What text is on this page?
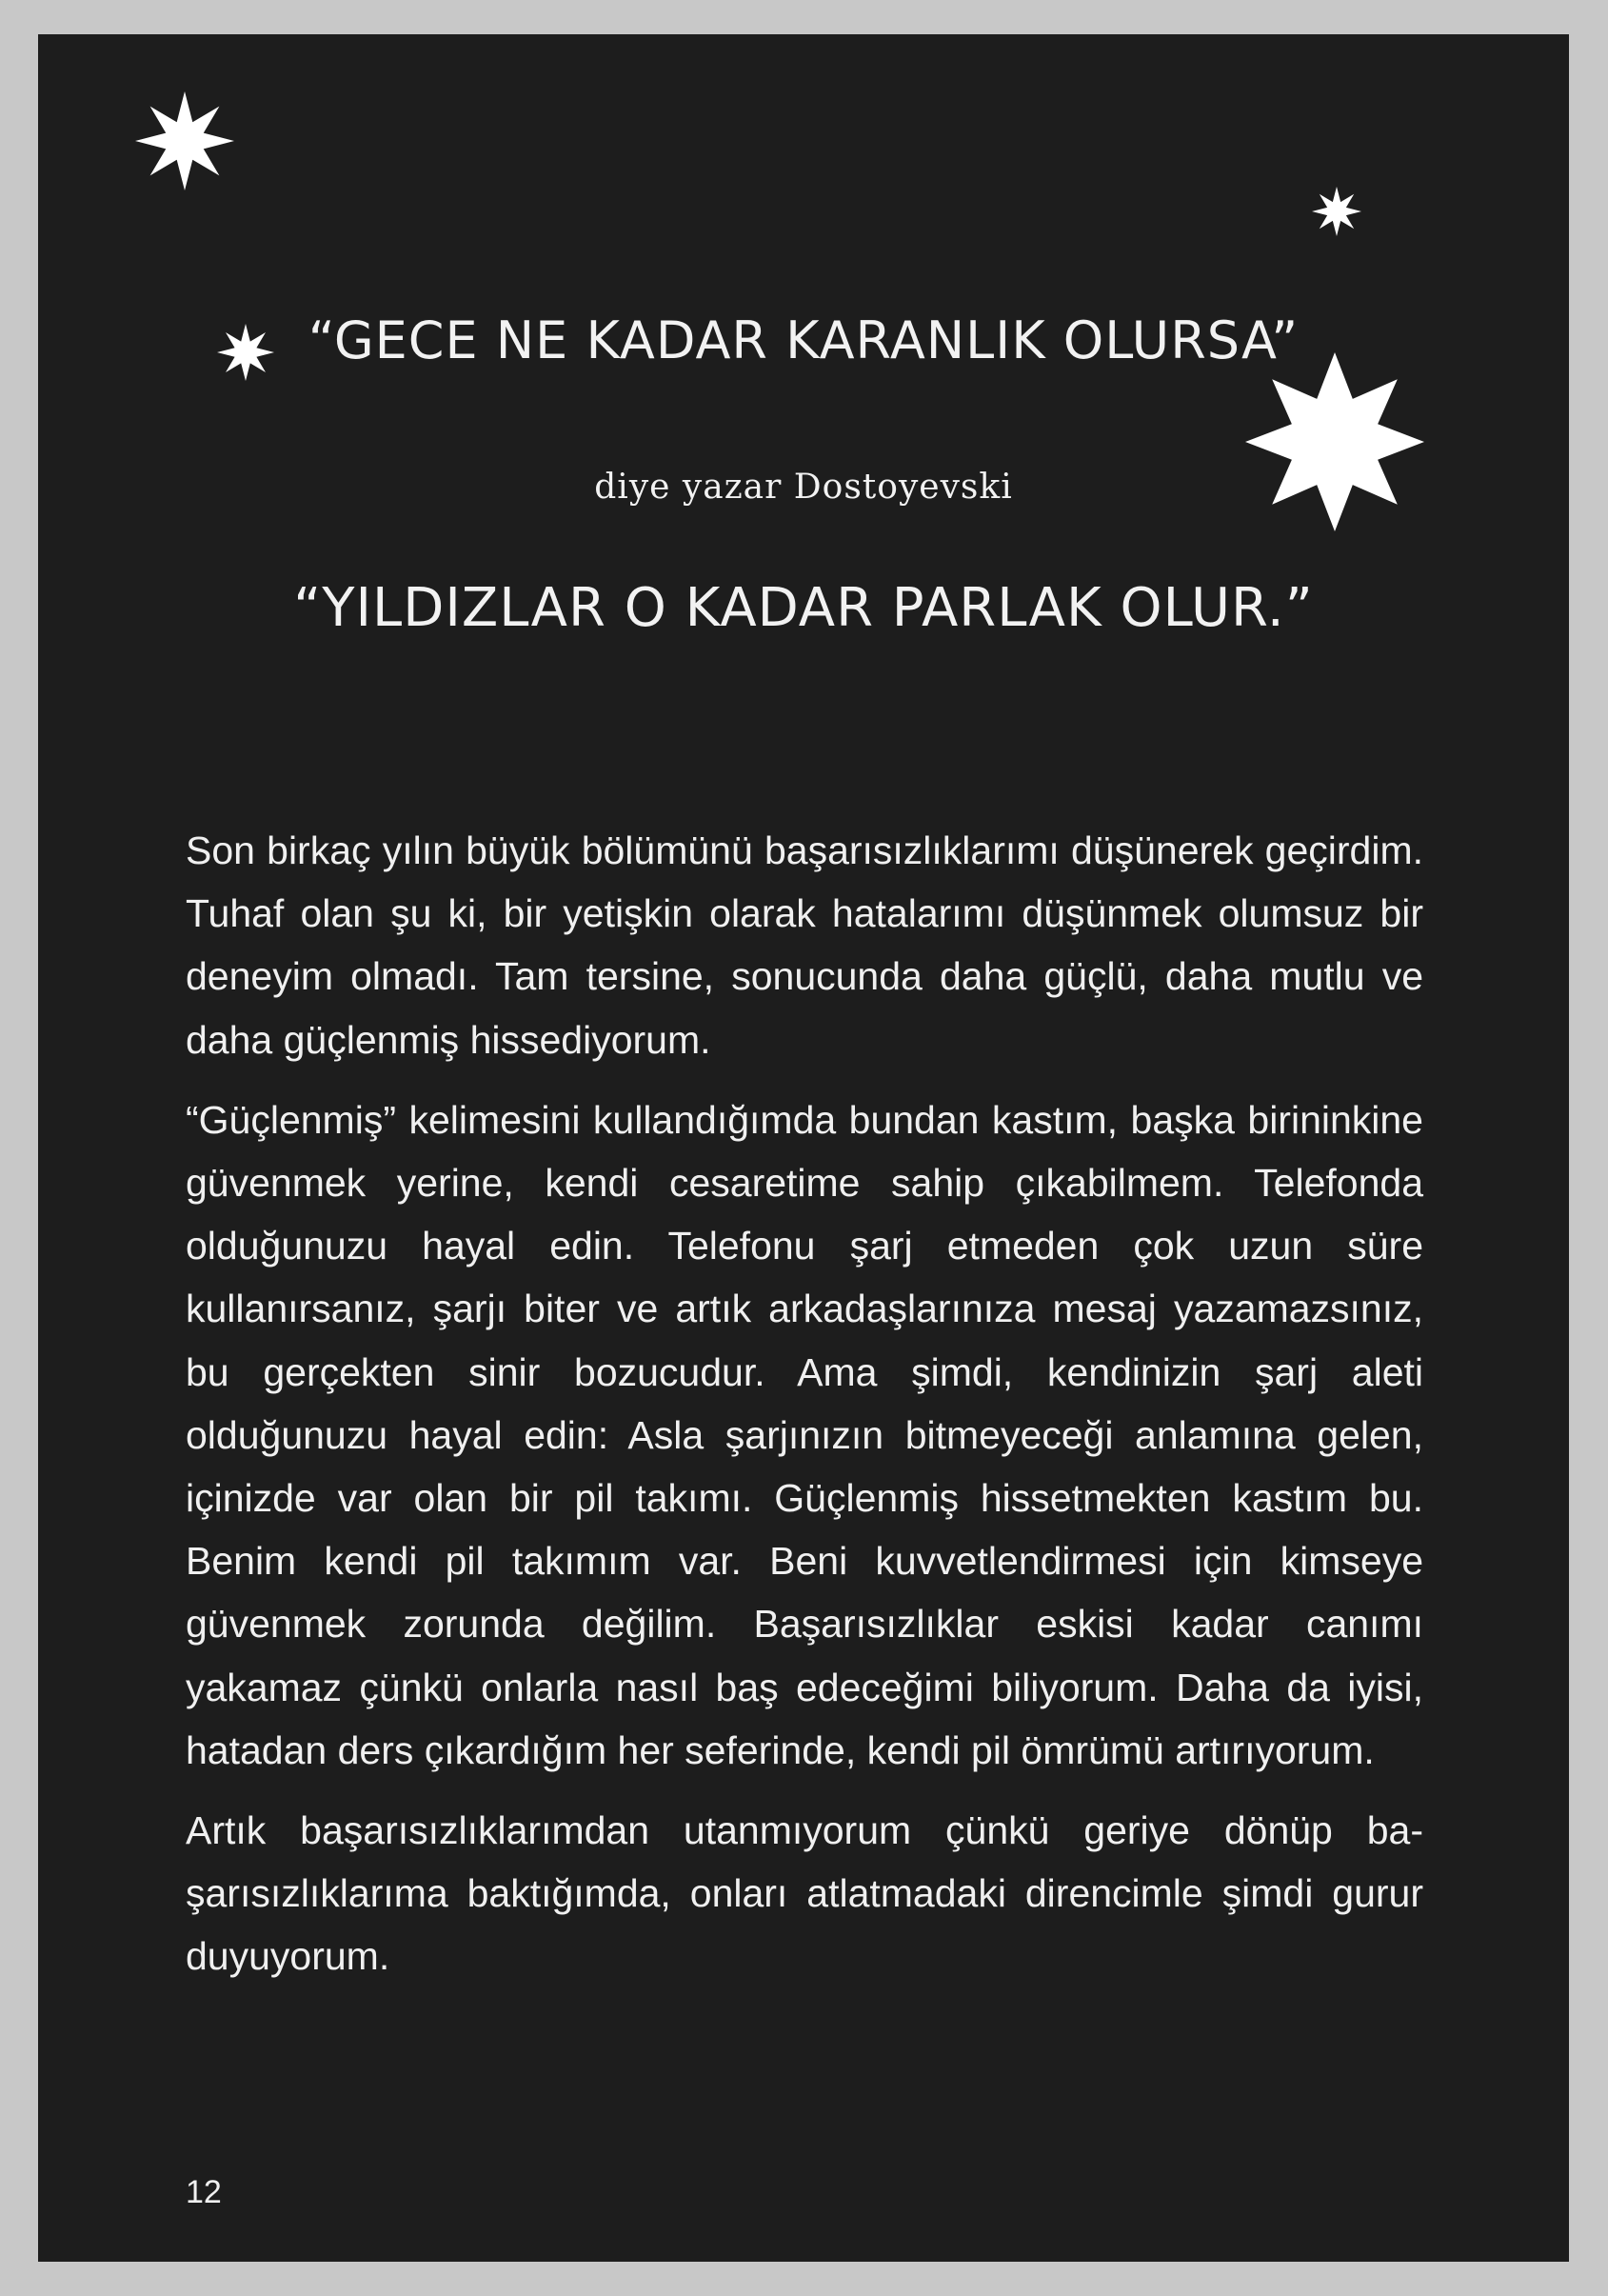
“GECE NE KADAR KARANLIK OLURSA”
diye yazar Dostoyevski
“YILDIZLAR O KADAR PARLAK OLUR.”

Son birkaç yılın büyük bölümünü başarısızlıklarımı düşünerek geçirdim. Tuhaf olan şu ki, bir yetişkin olarak hatalarımı düşünmek olumsuz bir deneyim olmadı. Tam tersine, sonucunda daha güçlü, daha mutlu ve daha güçlenmiş hissediyorum.

“Güçlenmiş” kelimesini kullandığımda bundan kastım, başka birininkine güvenmek yerine, kendi cesaretime sahip çıkabilmem. Telefonda olduğunuzu hayal edin. Telefonu şarj etmeden çok uzun süre kullanırsanız, şarjı biter ve artık arkadaşlarınıza mesaj yazamazsınız, bu gerçekten sinir bozucudur. Ama şimdi, kendinizin şarj aleti olduğunuzu hayal edin: Asla şarjınızın bitmeyeceği anlamına gelen, içinizde var olan bir pil takımı. Güçlenmiş hissetmekten kastım bu. Benim kendi pil takımım var. Beni kuvvetlendirmesi için kimseye güvenmek zorunda değilim. Başarısızlıklar eskisi kadar canımı yakamaz çünkü onlarla nasıl baş edeceğimi biliyorum. Daha da iyisi, hatadan ders çıkardığım her seferinde, kendi pil ömrümü artırıyorum.

Artık başarısızlıklarımdan utanmıyorum çünkü geriye dönüp başarısızlıklarıma baktığımda, onları atlatmadaki direncimle şimdi gurur duyuyorum.

12
